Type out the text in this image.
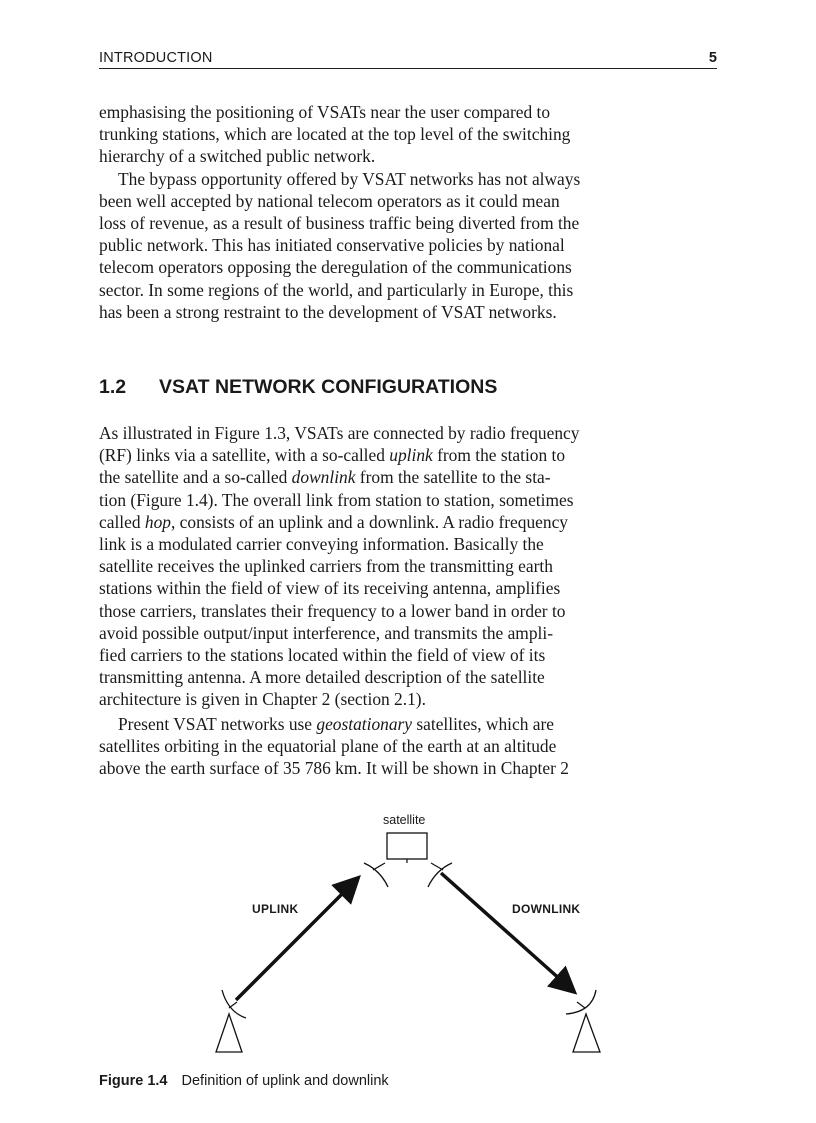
INTRODUCTION	5

emphasising the positioning of VSATs near the user compared to

trunking stations, which are located at the top level of the switching

hierarchy of a switched public network.

The bypass opportunity offered by VSAT networks has not always

been well accepted by national telecom operators as it could mean

loss of revenue, as a result of business traffic being diverted from the

public network. This has initiated conservative policies by national

telecom operators opposing the deregulation of the communications

sector. In some regions of the world, and particularly in Europe, this

has been a strong restraint to the development of VSAT networks.

1.2 VSAT NETWORK CONFIGURATIONS

As illustrated in Figure 1.3, VSATs are connected by radio frequency

(RF) links via a satellite, with a so-called uplink from the station to

the satellite and a so-called downlink from the satellite to the sta-

tion (Figure 1.4). The overall link from station to station, sometimes

called hop, consists of an uplink and a downlink. A radio frequency

link is a modulated carrier conveying information. Basically the

satellite receives the uplinked carriers from the transmitting earth

stations within the field of view of its receiving antenna, amplifies

those carriers, translates their frequency to a lower band in order to

avoid possible output/input interference, and transmits the ampli-

fied carriers to the stations located within the field of view of its

transmitting antenna. A more detailed description of the satellite

architecture is given in Chapter 2 (section 2.1).

Present VSAT networks use geostationary satellites, which are

satellites orbiting in the equatorial plane of the earth at an altitude

above the earth surface of 35 786 km. It will be shown in Chapter 2

satellite
UPLINK	DOWNLINK
Figure 1.4 Definition of uplink and downlink
